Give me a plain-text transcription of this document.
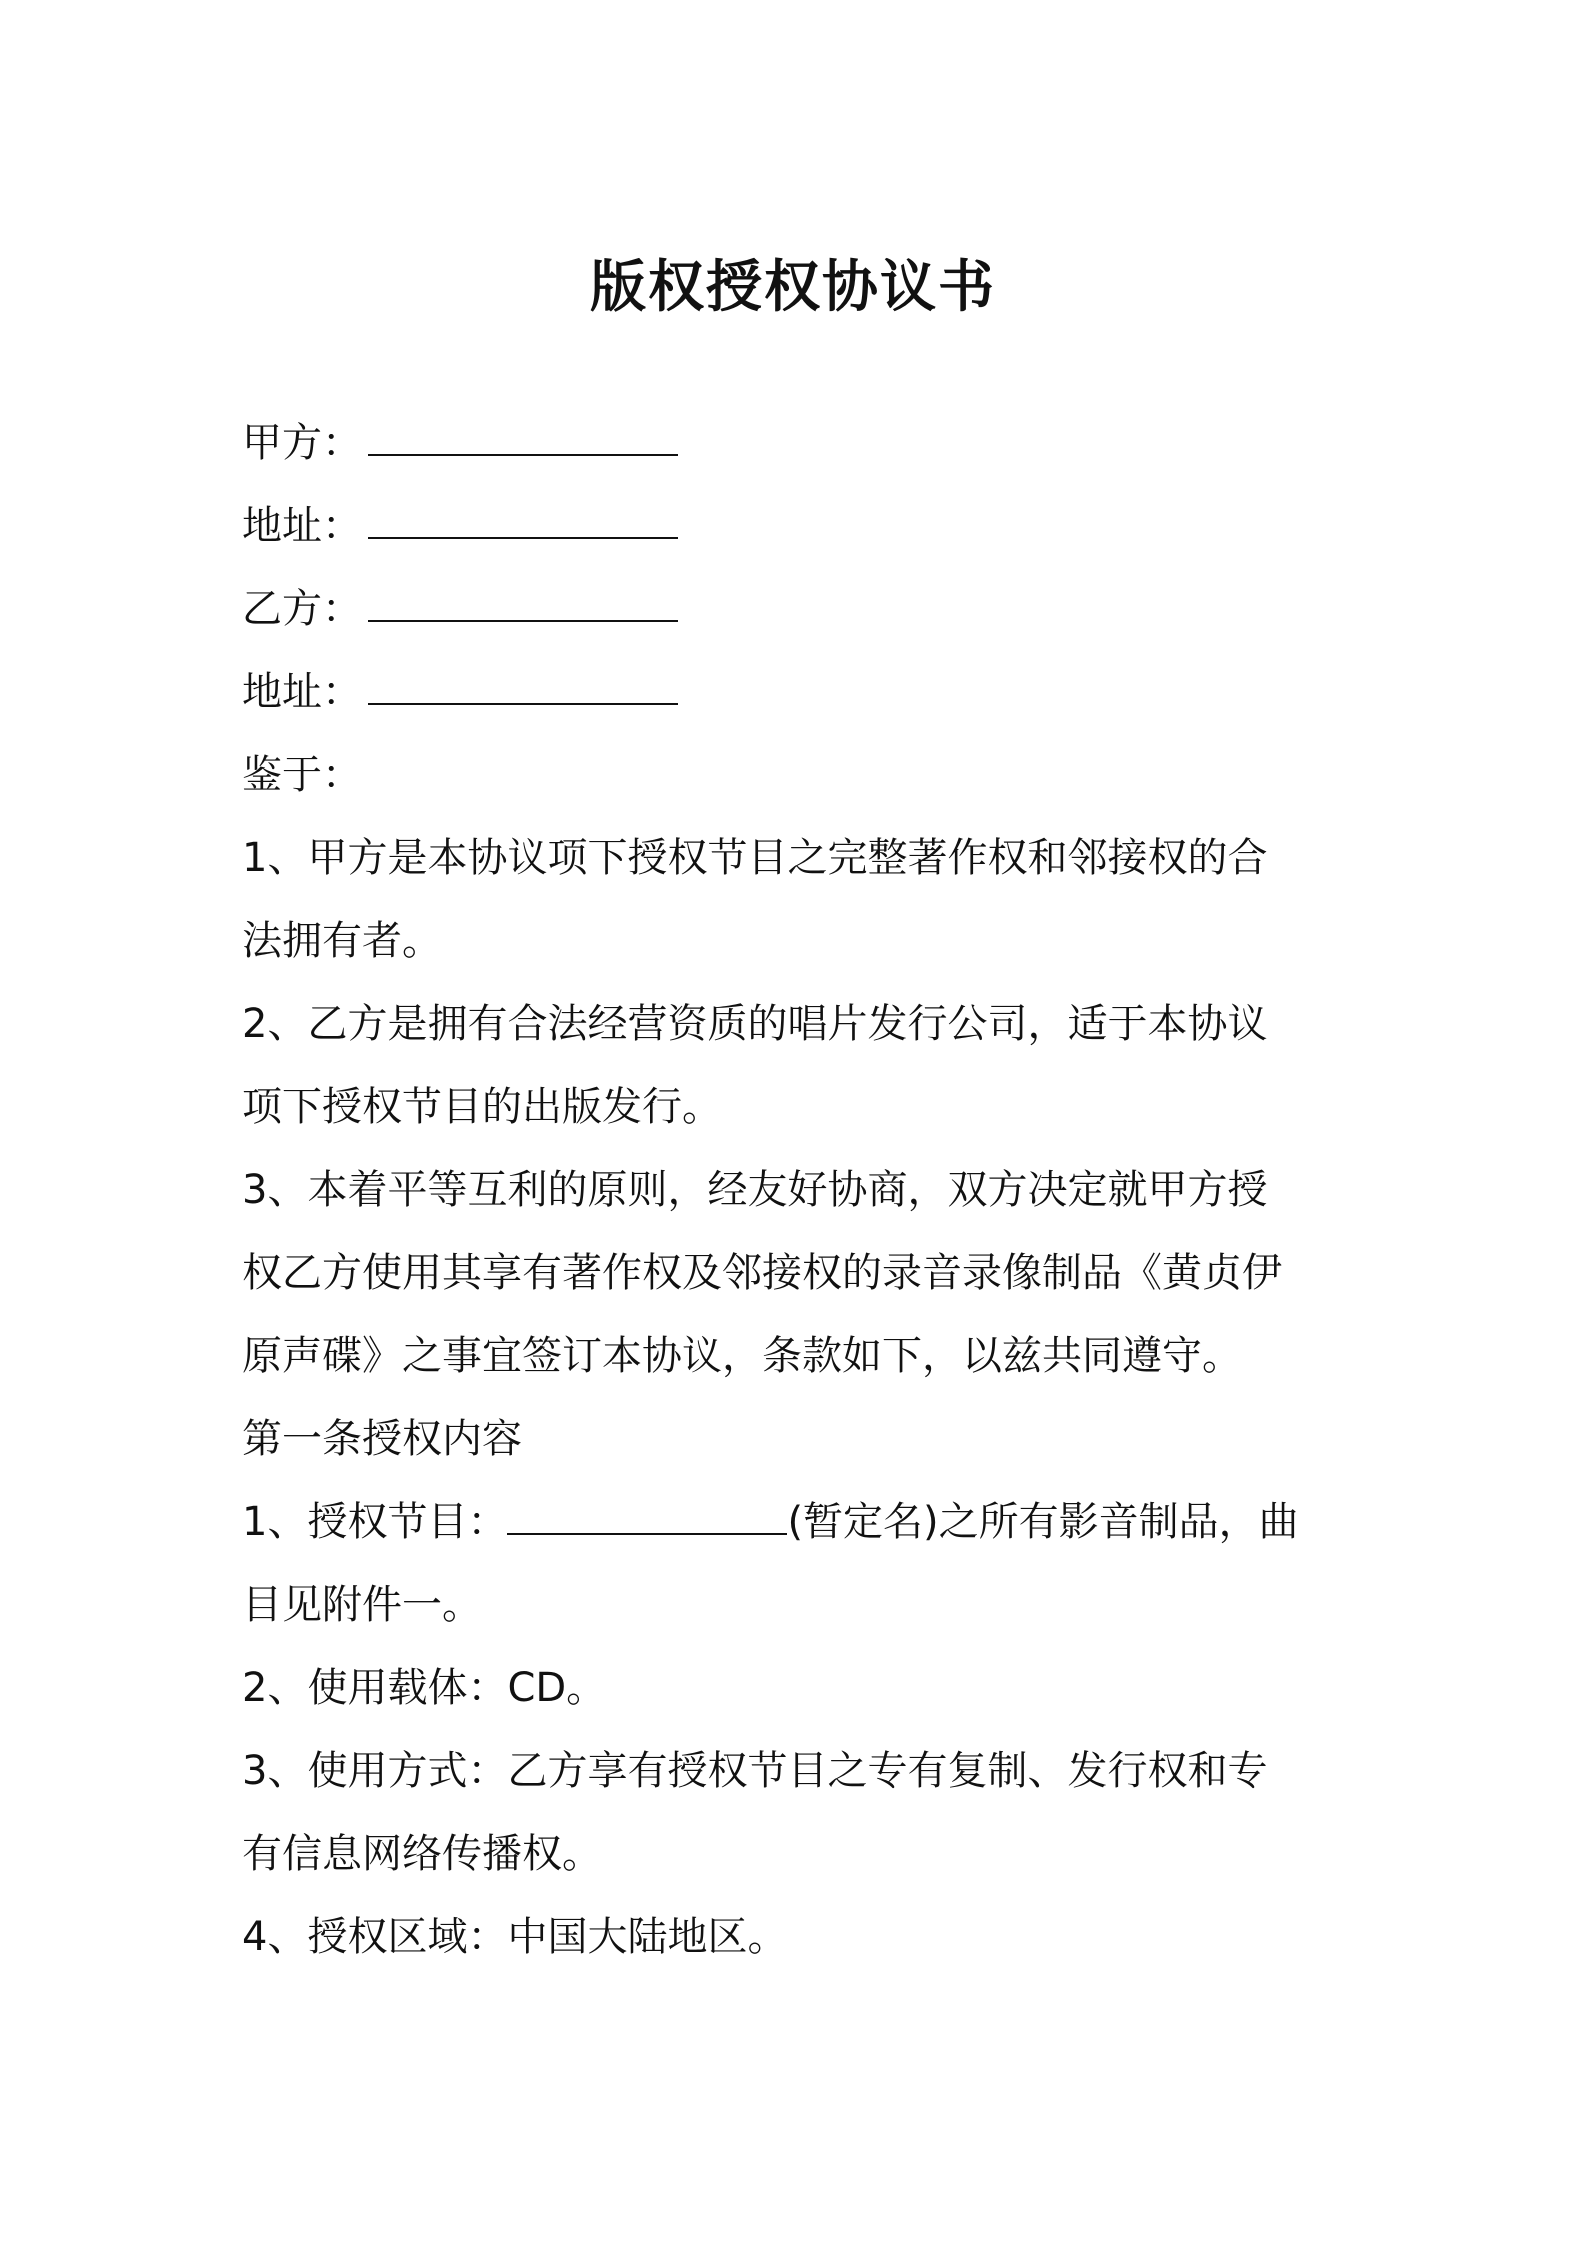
版权授权协议书
甲方：
地址：
乙方：
地址：
鉴于：
1、甲方是本协议项下授权节目之完整著作权和邻接权的合
法拥有者。
2、乙方是拥有合法经营资质的唱片发行公司，适于本协议
项下授权节目的出版发行。
3、本着平等互利的原则，经友好协商，双方决定就甲方授
权乙方使用其享有著作权及邻接权的录音录像制品《黄贞伊
原声碟》之事宜签订本协议，条款如下，以兹共同遵守。
第一条授权内容
1、授权节目：	(暂定名)之所有影音制品，曲
目见附件一。
2、使用载体：CD。
3、使用方式：乙方享有授权节目之专有复制、发行权和专
有信息网络传播权。
4、授权区域：中国大陆地区。
